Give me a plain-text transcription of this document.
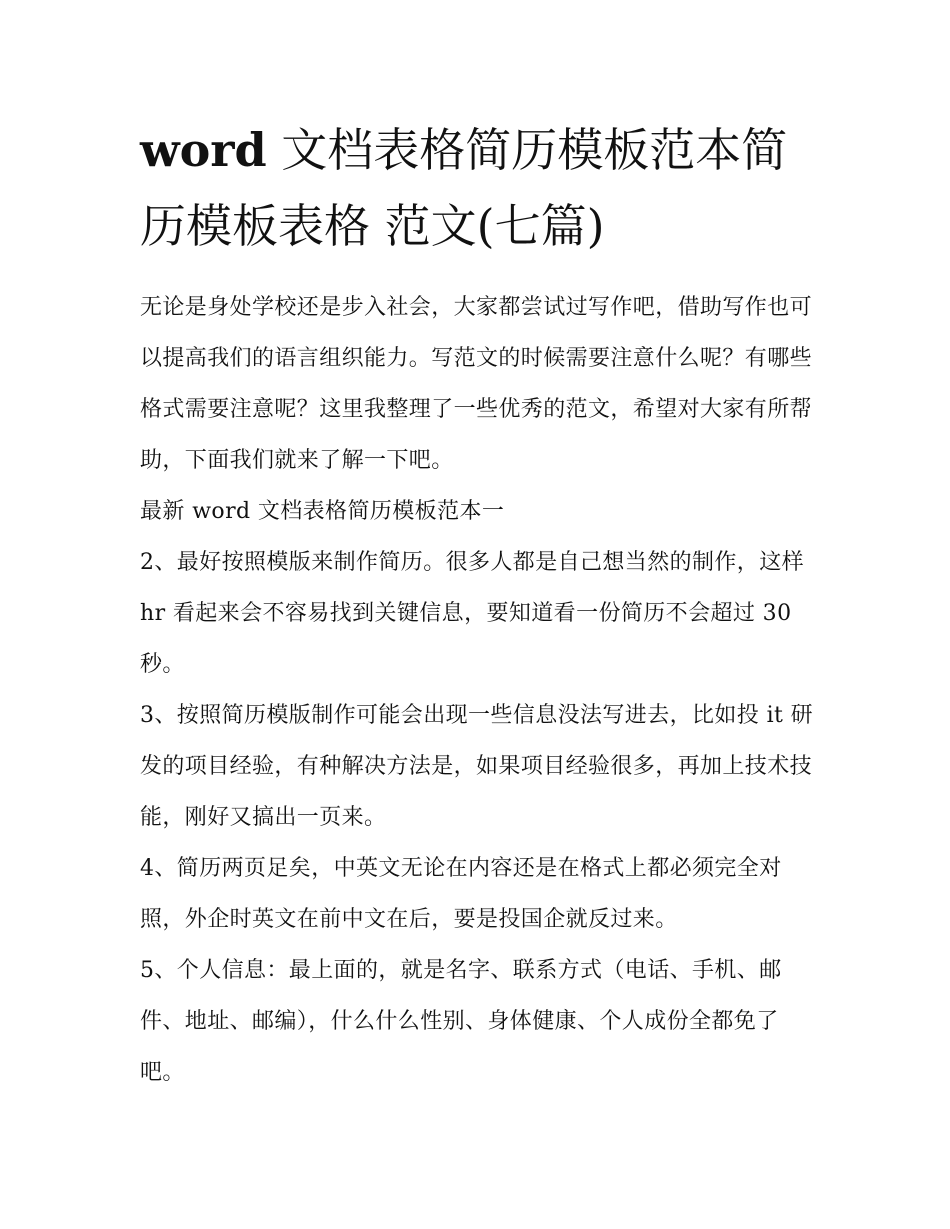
word 文档表格简历模板范本简历模板表格 范文(七篇)

无论是身处学校还是步入社会，大家都尝试过写作吧，借助写作也可以提高我们的语言组织能力。写范文的时候需要注意什么呢？有哪些格式需要注意呢？这里我整理了一些优秀的范文，希望对大家有所帮助，下面我们就来了解一下吧。

最新 word 文档表格简历模板范本一

2、最好按照模版来制作简历。很多人都是自己想当然的制作，这样 hr 看起来会不容易找到关键信息，要知道看一份简历不会超过 30 秒。

3、按照简历模版制作可能会出现一些信息没法写进去，比如投 it 研发的项目经验，有种解决方法是，如果项目经验很多，再加上技术技能，刚好又搞出一页来。

4、简历两页足矣，中英文无论在内容还是在格式上都必须完全对照，外企时英文在前中文在后，要是投国企就反过来。

5、个人信息：最上面的，就是名字、联系方式（电话、手机、邮件、地址、邮编），什么什么性别、身体健康、个人成份全都免了吧。
